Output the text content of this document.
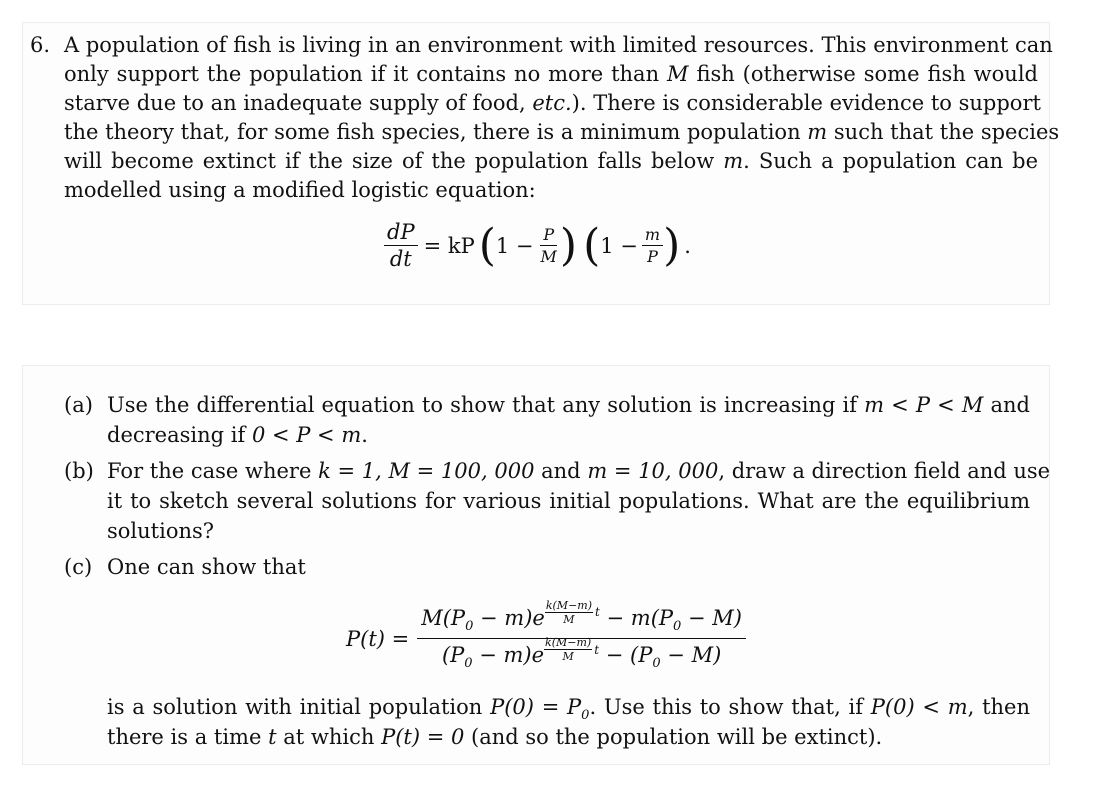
6. A population of fish is living in an environment with limited resources. This environment can
only support the population if it contains no more than M fish (otherwise some fish would
starve due to an inadequate supply of food, etc.). There is considerable evidence to support
the theory that, for some fish species, there is a minimum population m such that the species
will become extinct if the size of the population falls below m. Such a population can be
modelled using a modified logistic equation:
$\frac{dP}{dt}$ = kP ( $1 - \frac{P}{M}$ ) ( $1 - \frac{m}{P}$ ) .
(a) Use the differential equation to show that any solution is increasing if m < P < M and
decreasing if 0 < P < m.
(b) For the case where k = 1, M = 100, 000 and m = 10, 000, draw a direction field and use
it to sketch several solutions for various initial populations. What are the equilibrium
solutions?
(c) One can show that
$P(t) = \frac{M(P_0 - m)e \frac{k(M-m)}{M} t - m(P_0 - M)}{(P_0 - m)e \frac{k(M-m)}{M} t - (P_0 - M)}$
is a solution with initial population $P(0) = P_0$. Use this to show that, if P(0) < m, then
there is a time t at which P(t) = 0 (and so the population will be extinct).
